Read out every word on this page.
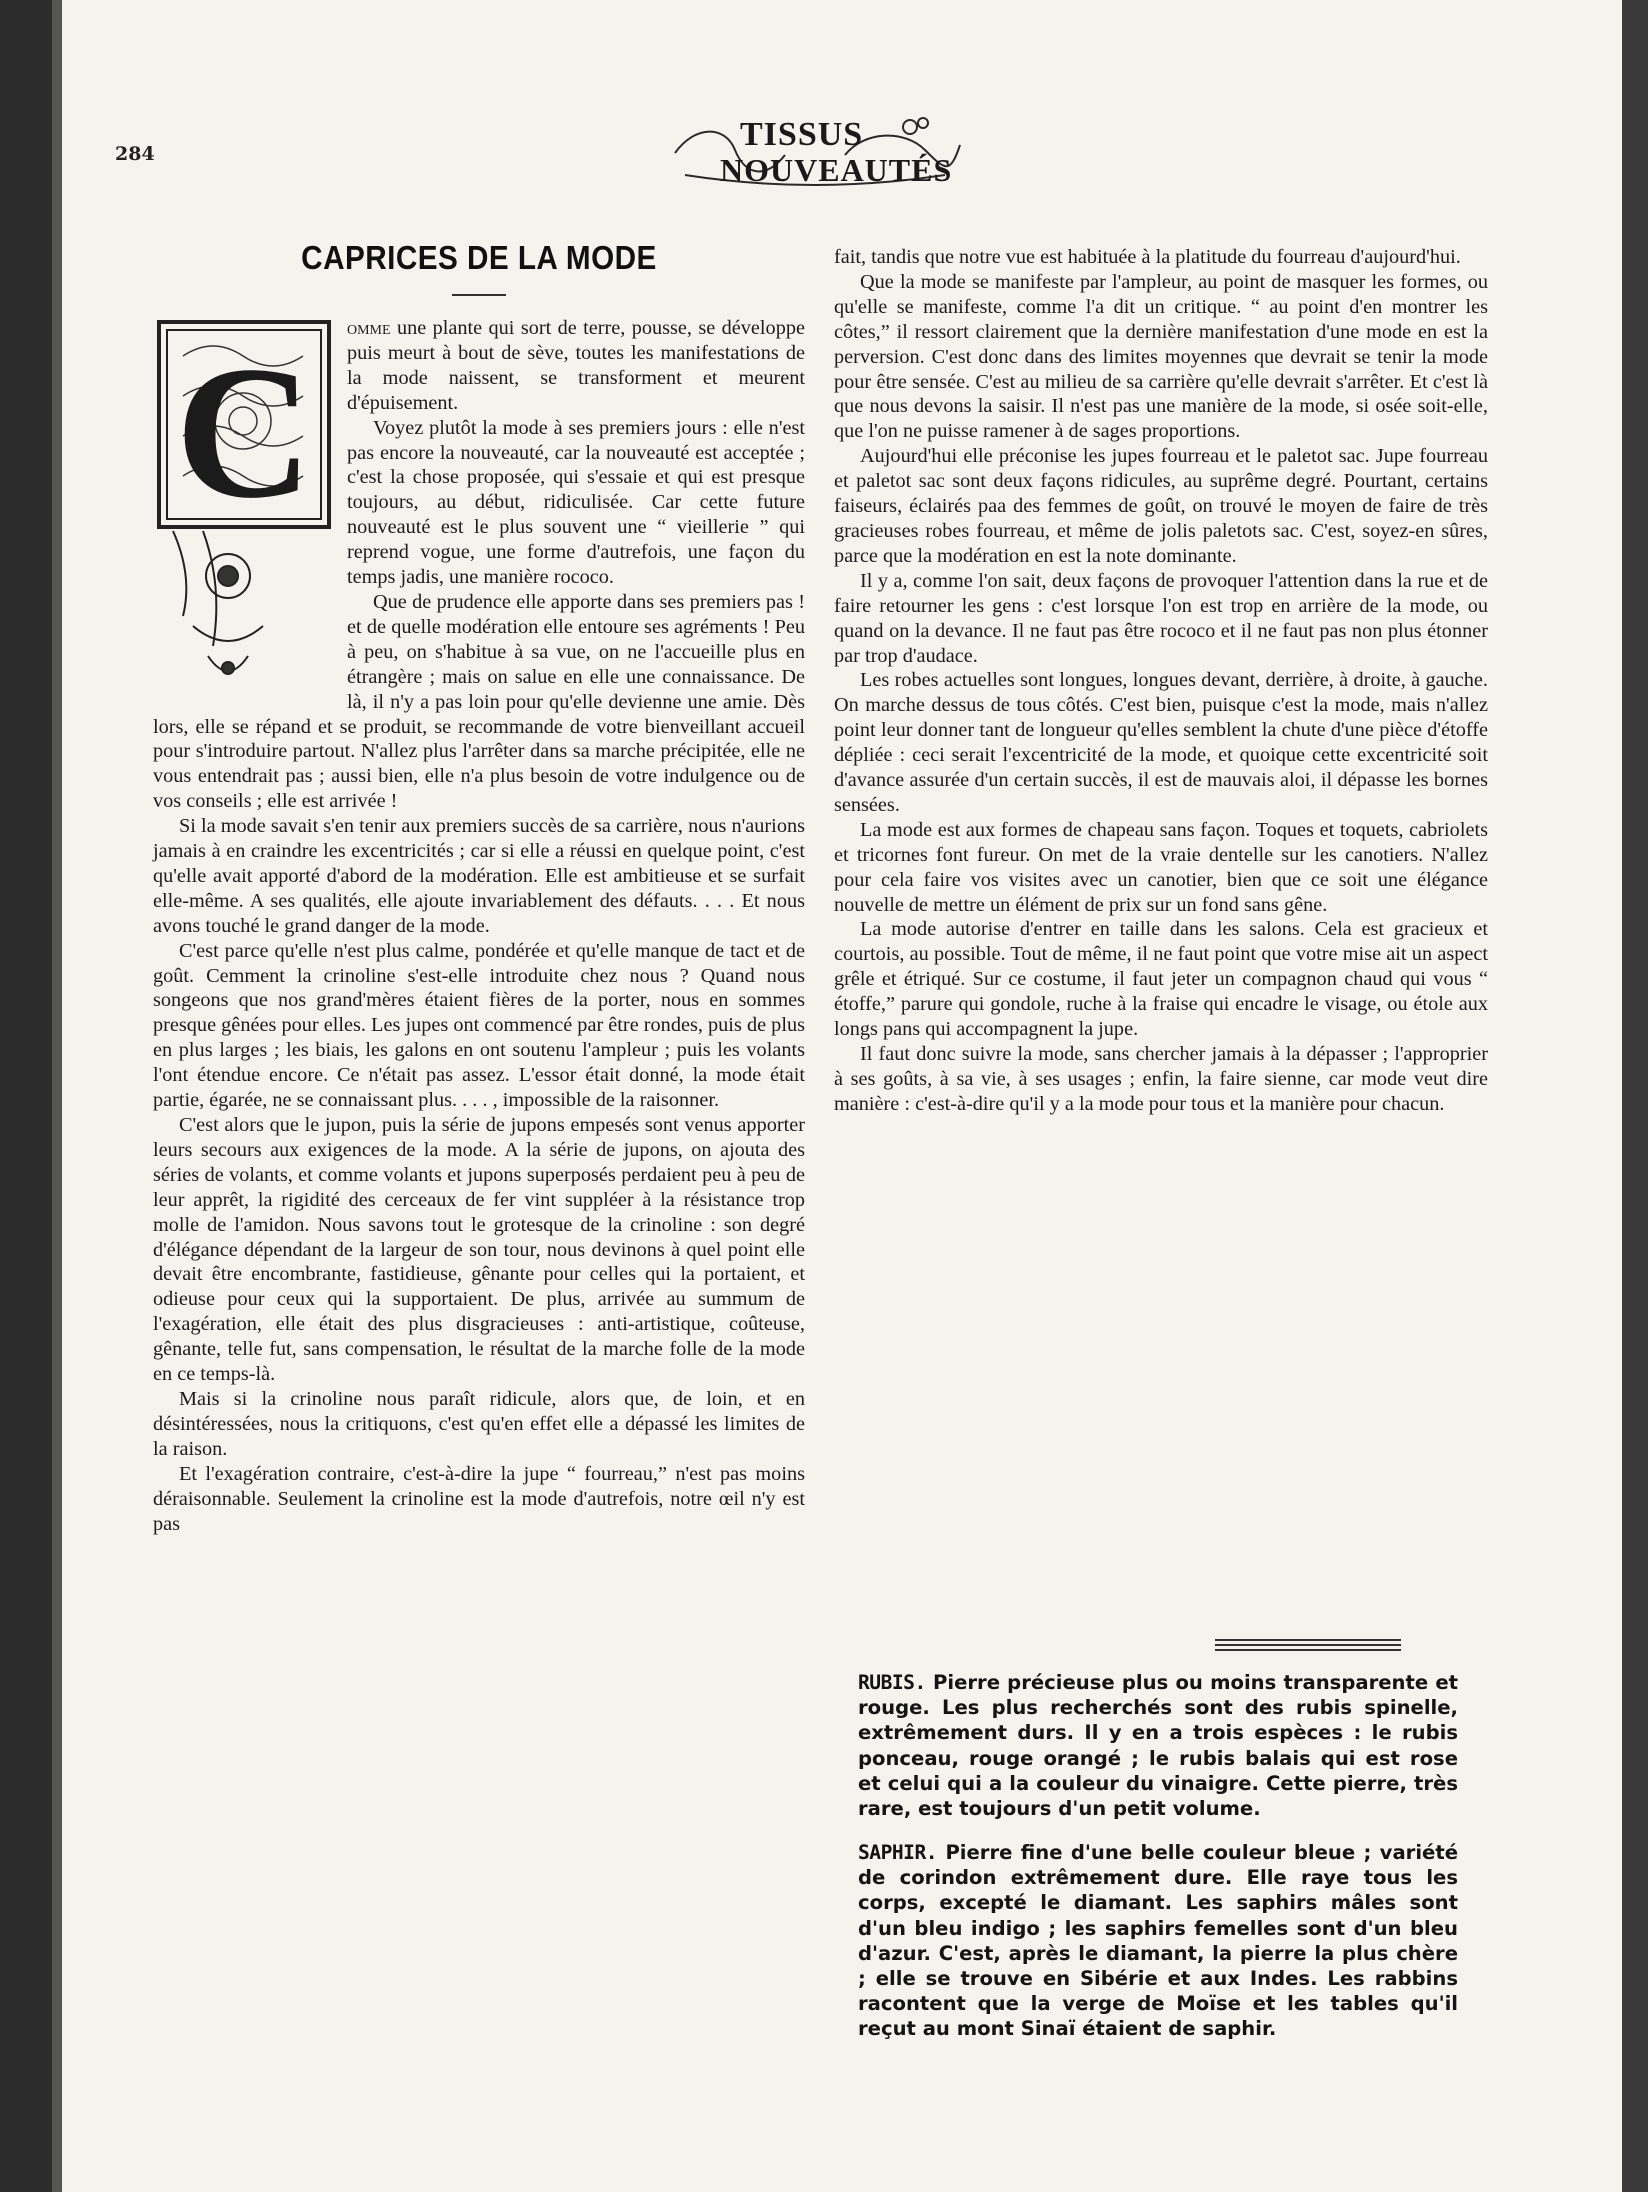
284
TISSUS
NOUVEAUTÉS
CAPRICES DE LA MODE
C	omme une plante qui sort de terre, pousse, se développe puis meurt à bout de sève, toutes les manifestations de la mode naissent, se transforment et meurent d'épuisement.

Voyez plutôt la mode à ses premiers jours : elle n'est pas encore la nouveauté, car la nouveauté est acceptée ; c'est la chose proposée, qui s'essaie et qui est presque toujours, au début, ridiculisée. Car cette future nouveauté est le plus souvent une “ vieillerie ” qui reprend vogue, une forme d'autrefois, une façon du temps jadis, une manière rococo.

Que de prudence elle apporte dans ses premiers pas ! et de quelle modération elle entoure ses agréments ! Peu à peu, on s'habitue à sa vue, on ne l'accueille plus en étrangère ; mais on salue en elle une connaissance. De là, il n'y a pas loin pour qu'elle devienne une amie. Dès lors, elle se répand et se produit, se recommande de votre bienveillant accueil pour s'introduire partout. N'allez plus l'arrêter dans sa marche précipitée, elle ne vous entendrait pas ; aussi bien, elle n'a plus besoin de votre indulgence ou de vos conseils ; elle est arrivée !

Si la mode savait s'en tenir aux premiers succès de sa carrière, nous n'aurions jamais à en craindre les excentricités ; car si elle a réussi en quelque point, c'est qu'elle avait apporté d'abord de la modération. Elle est ambitieuse et se surfait elle-même. A ses qualités, elle ajoute invariablement des défauts. . . . Et nous avons touché le grand danger de la mode.

C'est parce qu'elle n'est plus calme, pondérée et qu'elle manque de tact et de goût. Cemment la crinoline s'est-elle introduite chez nous ? Quand nous songeons que nos grand'mères étaient fières de la porter, nous en sommes presque gênées pour elles. Les jupes ont commencé par être rondes, puis de plus en plus larges ; les biais, les galons en ont soutenu l'ampleur ; puis les volants l'ont étendue encore. Ce n'était pas assez. L'essor était donné, la mode était partie, égarée, ne se connaissant plus. . . . , impossible de la raisonner.

C'est alors que le jupon, puis la série de jupons empesés sont venus apporter leurs secours aux exigences de la mode. A la série de jupons, on ajouta des séries de volants, et comme volants et jupons superposés perdaient peu à peu de leur apprêt, la rigidité des cerceaux de fer vint suppléer à la résistance trop molle de l'amidon. Nous savons tout le grotesque de la crinoline : son degré d'élégance dépendant de la largeur de son tour, nous devinons à quel point elle devait être encombrante, fastidieuse, gênante pour celles qui la portaient, et odieuse pour ceux qui la supportaient. De plus, arrivée au summum de l'exagération, elle était des plus disgracieuses : anti-artistique, coûteuse, gênante, telle fut, sans compensation, le résultat de la marche folle de la mode en ce temps-là.

Mais si la crinoline nous paraît ridicule, alors que, de loin, et en désintéressées, nous la critiquons, c'est qu'en effet elle a dépassé les limites de la raison.

Et l'exagération contraire, c'est-à-dire la jupe “ fourreau,” n'est pas moins déraisonnable. Seulement la crinoline est la mode d'autrefois, notre œil n'y est pas

fait, tandis que notre vue est habituée à la platitude du fourreau d'aujourd'hui.

Que la mode se manifeste par l'ampleur, au point de masquer les formes, ou qu'elle se manifeste, comme l'a dit un critique. “ au point d'en montrer les côtes,” il ressort clairement que la dernière manifestation d'une mode en est la perversion. C'est donc dans des limites moyennes que devrait se tenir la mode pour être sensée. C'est au milieu de sa carrière qu'elle devrait s'arrêter. Et c'est là que nous devons la saisir. Il n'est pas une manière de la mode, si osée soit-elle, que l'on ne puisse ramener à de sages proportions.

Aujourd'hui elle préconise les jupes fourreau et le paletot sac. Jupe fourreau et paletot sac sont deux façons ridicules, au suprême degré. Pourtant, certains faiseurs, éclairés paa des femmes de goût, on trouvé le moyen de faire de très gracieuses robes fourreau, et même de jolis paletots sac. C'est, soyez-en sûres, parce que la modération en est la note dominante.

Il y a, comme l'on sait, deux façons de provoquer l'attention dans la rue et de faire retourner les gens : c'est lorsque l'on est trop en arrière de la mode, ou quand on la devance. Il ne faut pas être rococo et il ne faut pas non plus étonner par trop d'audace.

Les robes actuelles sont longues, longues devant, derrière, à droite, à gauche. On marche dessus de tous côtés. C'est bien, puisque c'est la mode, mais n'allez point leur donner tant de longueur qu'elles semblent la chute d'une pièce d'étoffe dépliée : ceci serait l'excentricité de la mode, et quoique cette excentricité soit d'avance assurée d'un certain succès, il est de mauvais aloi, il dépasse les bornes sensées.

La mode est aux formes de chapeau sans façon. Toques et toquets, cabriolets et tricornes font fureur. On met de la vraie dentelle sur les canotiers. N'allez pour cela faire vos visites avec un canotier, bien que ce soit une élégance nouvelle de mettre un élément de prix sur un fond sans gêne.

La mode autorise d'entrer en taille dans les salons. Cela est gracieux et courtois, au possible. Tout de même, il ne faut point que votre mise ait un aspect grêle et étriqué. Sur ce costume, il faut jeter un compagnon chaud qui vous “ étoffe,” parure qui gondole, ruche à la fraise qui encadre le visage, ou étole aux longs pans qui accompagnent la jupe.

Il faut donc suivre la mode, sans chercher jamais à la dépasser ; l'approprier à ses goûts, à sa vie, à ses usages ; enfin, la faire sienne, car mode veut dire manière : c'est-à-dire qu'il y a la mode pour tous et la manière pour chacun.

RUBIS. Pierre précieuse plus ou moins transparente et rouge. Les plus recherchés sont des rubis spinelle, extrêmement durs. Il y en a trois espèces : le rubis ponceau, rouge orangé ; le rubis balais qui est rose et celui qui a la couleur du vinaigre. Cette pierre, très rare, est toujours d'un petit volume.

SAPHIR. Pierre fine d'une belle couleur bleue ; variété de corindon extrêmement dure. Elle raye tous les corps, excepté le diamant. Les saphirs mâles sont d'un bleu indigo ; les saphirs femelles sont d'un bleu d'azur. C'est, après le diamant, la pierre la plus chère ; elle se trouve en Sibérie et aux Indes. Les rabbins racontent que la verge de Moïse et les tables qu'il reçut au mont Sinaï étaient de saphir.
